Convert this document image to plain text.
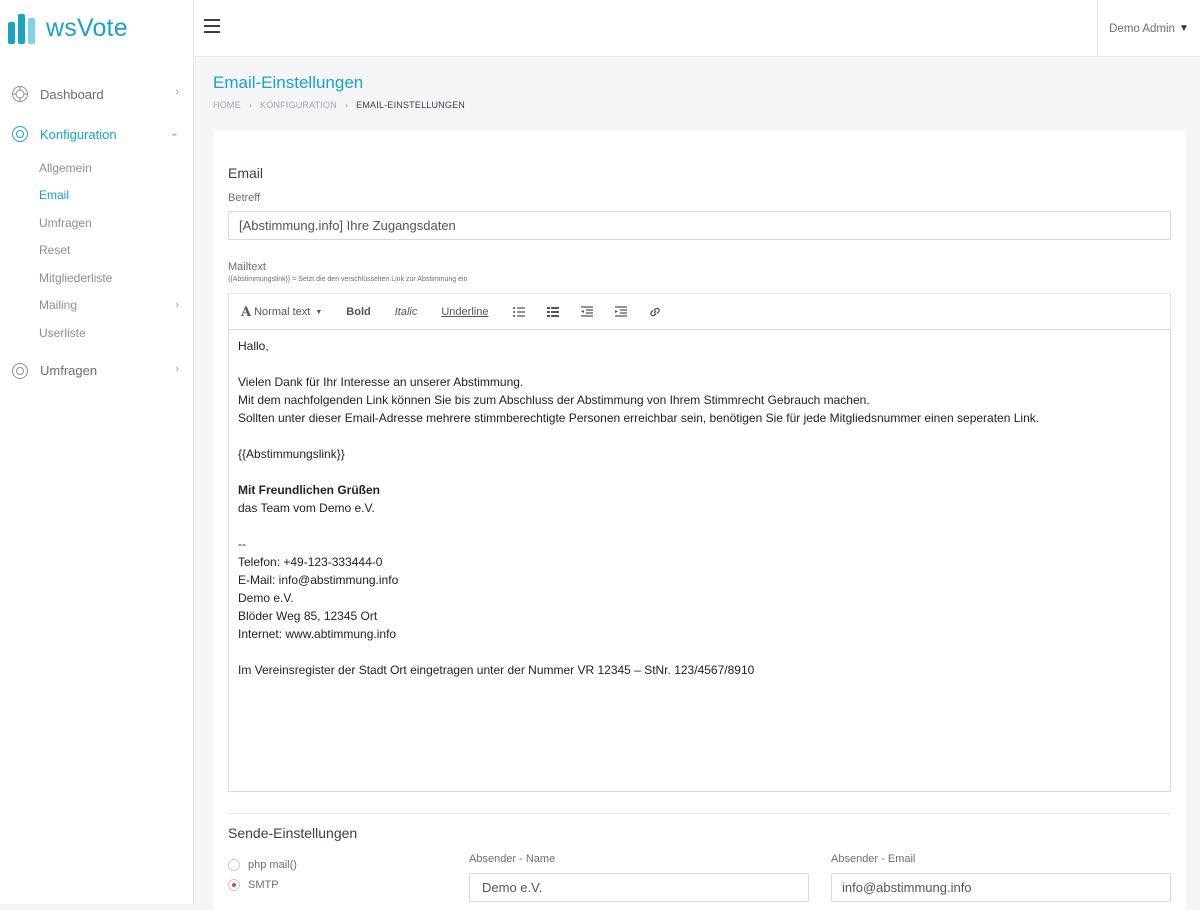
wsVote
Dashboard	›
Konfiguration	⌄
Allgemein
Email
Umfragen
Reset
Mitgliederliste
Mailing	›
Userliste
Umfragen	›
Demo Admin ▼
Email-Einstellungen
HOME › KONFIGURATION › EMAIL-EINSTELLUNGEN
Email
Betreff
[Abstimmung.info] Ihre Zugangsdaten
Mailtext
{{Abstimmungslink}} = Setzt die den verschlüsselten Link zur Abstimmung ein
A Normal text ▼ Bold Italic Underline
Hallo,
Vielen Dank für Ihr Interesse an unserer Abstimmung.
Mit dem nachfolgenden Link können Sie bis zum Abschluss der Abstimmung von Ihrem Stimmrecht Gebrauch machen.
Sollten unter dieser Email-Adresse mehrere stimmberechtigte Personen erreichbar sein, benötigen Sie für jede Mitgliedsnummer einen seperaten Link.
{{Abstimmungslink}}
Mit Freundlichen Grüßen
das Team vom Demo e.V.
--
Telefon: +49-123-333444-0
E-Mail: info@abstimmung.info
Demo e.V.
Blöder Weg 85, 12345 Ort
Internet: www.abtimmung.info
Im Vereinsregister der Stadt Ort eingetragen unter der Nummer VR 12345 – StNr. 123/4567/8910
Sende-Einstellungen
php mail()
SMTP
Absender - Name
Demo e.V.
Absender - Email
info@abstimmung.info
